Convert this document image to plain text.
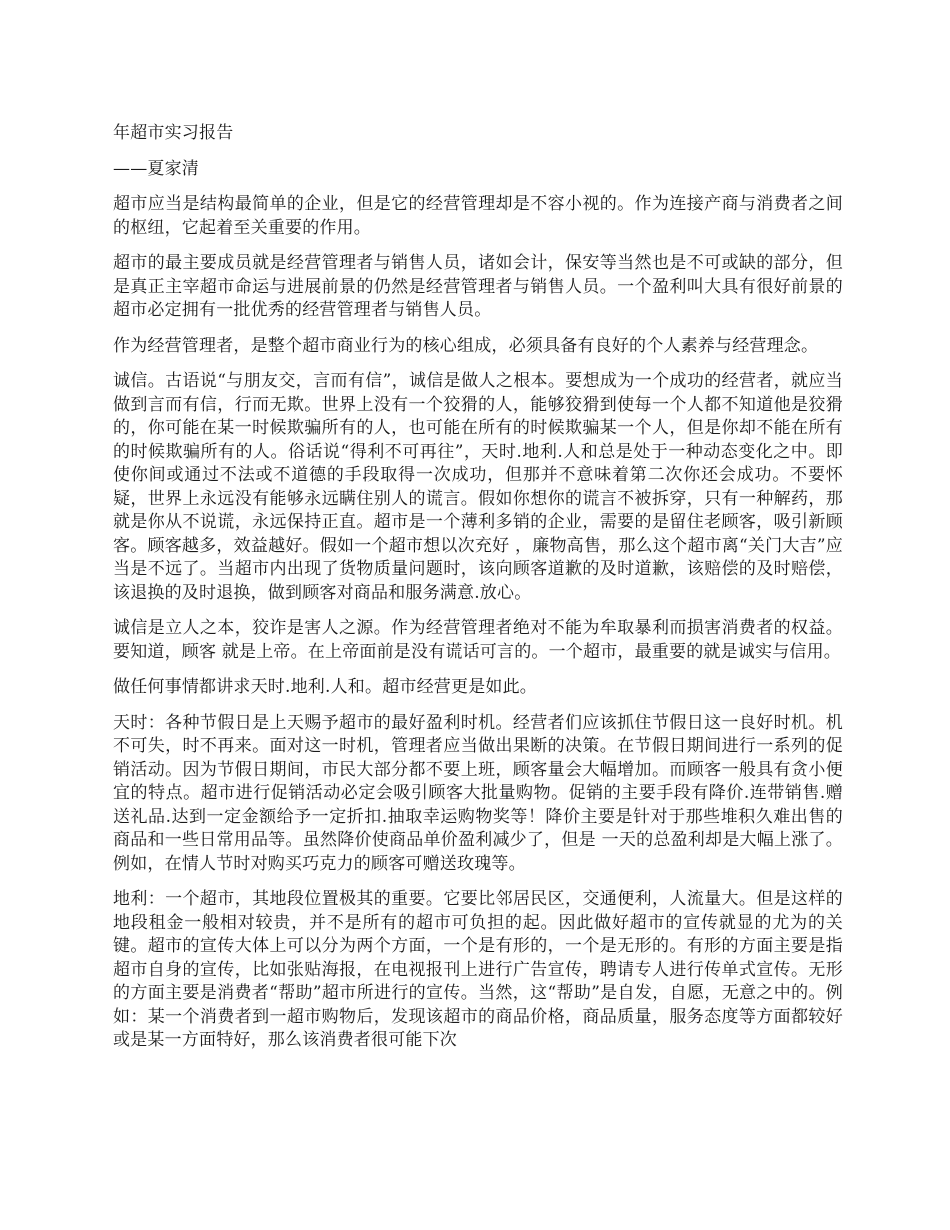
年超市实习报告
——夏家清

超市应当是结构最简单的企业，但是它的经营管理却是不容小视的。作为连接产商与消费者之间的枢纽，它起着至关重要的作用。

超市的最主要成员就是经营管理者与销售人员，诸如会计，保安等当然也是不可或缺的部分，但是真正主宰超市命运与进展前景的仍然是经营管理者与销售人员。一个盈利叫大具有很好前景的超市必定拥有一批优秀的经营管理者与销售人员。

作为经营管理者，是整个超市商业行为的核心组成，必须具备有良好的个人素养与经营理念。

诚信。古语说“与朋友交，言而有信”，诚信是做人之根本。要想成为一个成功的经营者，就应当 做到言而有信，行而无欺。世界上没有一个狡猾的人，能够狡猾到使每一个人都不知道他是狡猾的，你可能在某一时候欺骗所有的人，也可能在所有的时候欺骗某一个人，但是你却不能在所有的时候欺骗所有的人。俗话说“得利不可再往”，天时.地利.人和总是处于一种动态变化之中。即使你间或通过不法或不道德的手段取得一次成功，但那并不意味着第二次你还会成功。不要怀疑，世界上永远没有能够永远瞒住别人的谎言。假如你想你的谎言不被拆穿，只有一种解药，那就是你从不说谎，永远保持正直。超市是一个薄利多销的企业，需要的是留住老顾客，吸引新顾客。顾客越多，效益越好。假如一个超市想以次充好 ，廉物高售，那么这个超市离“关门大吉”应当是不远了。当超市内出现了货物质量问题时，该向顾客道歉的及时道歉，该赔偿的及时赔偿，该退换的及时退换，做到顾客对商品和服务满意.放心。

诚信是立人之本，狡诈是害人之源。作为经营管理者绝对不能为牟取暴利而损害消费者的权益。要知道，顾客 就是上帝。在上帝面前是没有谎话可言的。一个超市，最重要的就是诚实与信用。

做任何事情都讲求天时.地利.人和。超市经营更是如此。

天时：各种节假日是上天赐予超市的最好盈利时机。经营者们应该抓住节假日这一良好时机。机不可失，时不再来。面对这一时机，管理者应当做出果断的决策。在节假日期间进行一系列的促销活动。因为节假日期间，市民大部分都不要上班，顾客量会大幅增加。而顾客一般具有贪小便宜的特点。超市进行促销活动必定会吸引顾客大批量购物。促销的主要手段有降价.连带销售.赠送礼品.达到一定金额给予一定折扣.抽取幸运购物奖等！降价主要是针对于那些堆积久难出售的商品和一些日常用品等。虽然降价使商品单价盈利减少了，但是 一天的总盈利却是大幅上涨了。例如，在情人节时对购买巧克力的顾客可赠送玫瑰等。

地利：一个超市，其地段位置极其的重要。它要比邻居民区，交通便利，人流量大。但是这样的地段租金一般相对较贵，并不是所有的超市可负担的起。因此做好超市的宣传就显的尤为的关键。超市的宣传大体上可以分为两个方面，一个是有形的，一个是无形的。有形的方面主要是指超市自身的宣传，比如张贴海报，在电视报刊上进行广告宣传，聘请专人进行传单式宣传。无形的方面主要是消费者“帮助”超市所进行的宣传。当然，这“帮助”是自发，自愿，无意之中的。例如：某一个消费者到一超市购物后，发现该超市的商品价格，商品质量，服务态度等方面都较好或是某一方面特好，那么该消费者很可能下次
